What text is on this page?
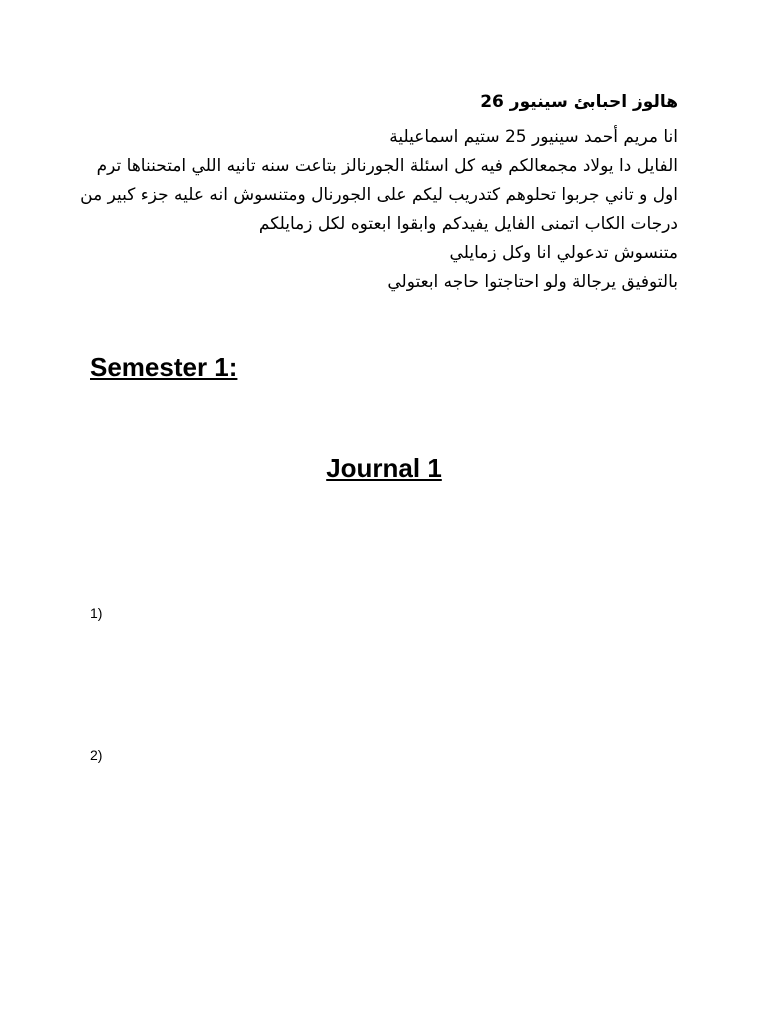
هالوز احبابئ سينيور 26
انا مريم أحمد سينيور 25 ستيم اسماعيلية
الفايل دا يولاد مجمعالكم فيه كل اسئلة الجورنالز بتاعت سنه تانيه اللي امتحنناها ترم
اول و تاني جربوا تحلوهم كتدريب ليكم على الجورنال ومتنسوش انه عليه جزء كبير من
درجات الكاب اتمنى الفايل يفيدكم وابقوا ابعتوه لكل زمايلكم
متنسوش تدعولي انا وكل زمايلي
بالتوفيق يرجالة ولو احتاجتوا حاجه ابعتولي
Semester 1:
Journal 1
1)
2)
